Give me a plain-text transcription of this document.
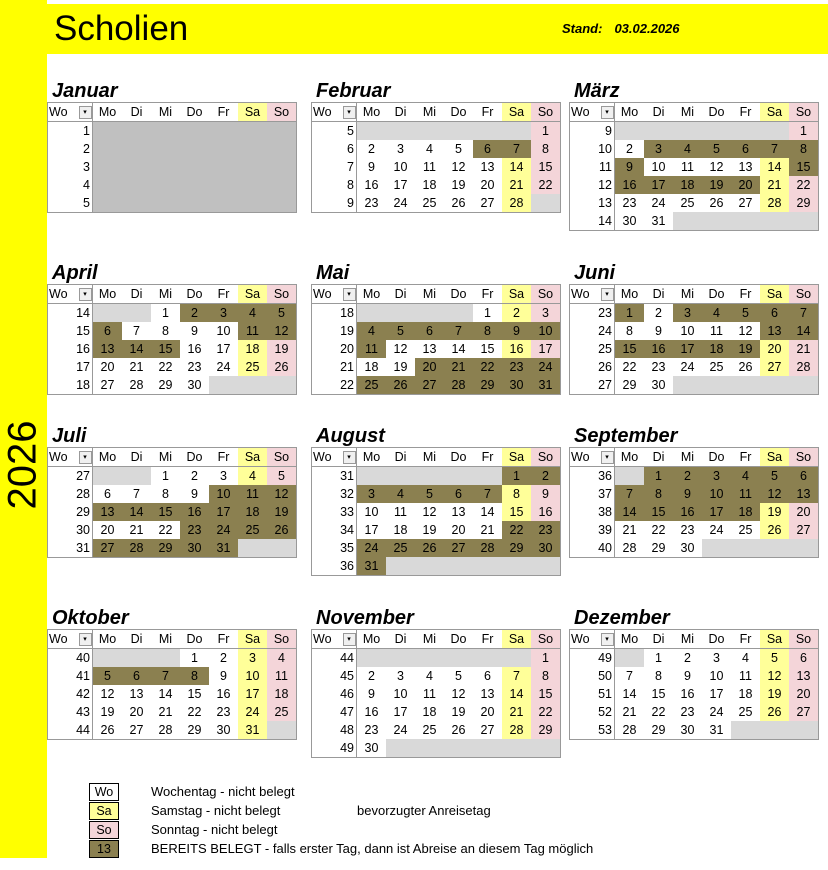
Scholien	Stand: 03.02.2026
2026
Januar
Wo	▾	Mo	Di	Mi	Do	Fr	Sa	So
1								
2								
3								
4								
5								
Februar
Wo	▾	Mo	Di	Mi	Do	Fr	Sa	So
5								1
6		2	3	4	5	6	7	8
7		9	10	11	12	13	14	15
8		16	17	18	19	20	21	22
9		23	24	25	26	27	28	
März
Wo	▾	Mo	Di	Mi	Do	Fr	Sa	So
9								1
10		2	3	4	5	6	7	8
11		9	10	11	12	13	14	15
12		16	17	18	19	20	21	22
13		23	24	25	26	27	28	29
14		30	31					
April
Wo	▾	Mo	Di	Mi	Do	Fr	Sa	So
14				1	2	3	4	5
15		6	7	8	9	10	11	12
16		13	14	15	16	17	18	19
17		20	21	22	23	24	25	26
18		27	28	29	30			
Mai
Wo	▾	Mo	Di	Mi	Do	Fr	Sa	So
18						1	2	3
19		4	5	6	7	8	9	10
20		11	12	13	14	15	16	17
21		18	19	20	21	22	23	24
22		25	26	27	28	29	30	31
Juni
Wo	▾	Mo	Di	Mi	Do	Fr	Sa	So
23		1	2	3	4	5	6	7
24		8	9	10	11	12	13	14
25		15	16	17	18	19	20	21
26		22	23	24	25	26	27	28
27		29	30					
Juli
Wo	▾	Mo	Di	Mi	Do	Fr	Sa	So
27				1	2	3	4	5
28		6	7	8	9	10	11	12
29		13	14	15	16	17	18	19
30		20	21	22	23	24	25	26
31		27	28	29	30	31		
August
Wo	▾	Mo	Di	Mi	Do	Fr	Sa	So
31							1	2
32		3	4	5	6	7	8	9
33		10	11	12	13	14	15	16
34		17	18	19	20	21	22	23
35		24	25	26	27	28	29	30
36		31						
September
Wo	▾	Mo	Di	Mi	Do	Fr	Sa	So
36			1	2	3	4	5	6
37		7	8	9	10	11	12	13
38		14	15	16	17	18	19	20
39		21	22	23	24	25	26	27
40		28	29	30				
Oktober
Wo	▾	Mo	Di	Mi	Do	Fr	Sa	So
40					1	2	3	4
41		5	6	7	8	9	10	11
42		12	13	14	15	16	17	18
43		19	20	21	22	23	24	25
44		26	27	28	29	30	31	
November
Wo	▾	Mo	Di	Mi	Do	Fr	Sa	So
44								1
45		2	3	4	5	6	7	8
46		9	10	11	12	13	14	15
47		16	17	18	19	20	21	22
48		23	24	25	26	27	28	29
49		30						
Dezember
Wo	▾	Mo	Di	Mi	Do	Fr	Sa	So
49			1	2	3	4	5	6
50		7	8	9	10	11	12	13
51		14	15	16	17	18	19	20
52		21	22	23	24	25	26	27
53		28	29	30	31			
Wo	Wochentag - nicht belegt
Sa	Samstag - nicht belegt	bevorzugter Anreisetag
So	Sonntag - nicht belegt
13	BEREITS BELEGT - falls erster Tag, dann ist Abreise an diesem Tag möglich
